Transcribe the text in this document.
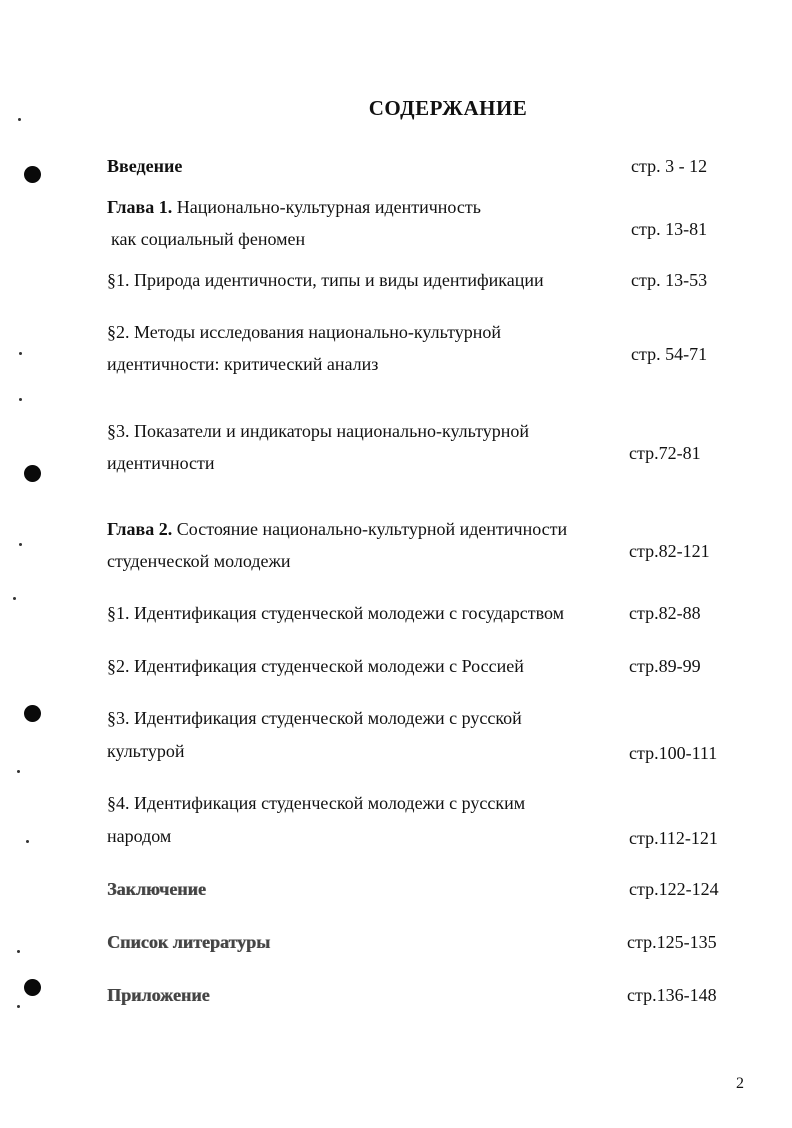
СОДЕРЖАНИЕ
Введение	стр. 3 - 12
Глава 1. Национально-культурная идентичность
как социальный феномен	стр. 13-81
§1. Природа идентичности, типы и виды идентификации	стр. 13-53
§2. Методы исследования национально-культурной
идентичности: критический анализ	стр. 54-71
§3. Показатели и индикаторы национально-культурной
идентичности	стр.72-81
Глава 2. Состояние национально-культурной идентичности
студенческой молодежи	стр.82-121
§1. Идентификация студенческой молодежи с государством	стр.82-88
§2. Идентификация студенческой молодежи с Россией	стр.89-99
§3. Идентификация студенческой молодежи с русской
культурой	стр.100-111
§4. Идентификация студенческой молодежи с русским
народом	стр.112-121
Заключение	стр.122-124
Список литературы	стр.125-135
Приложение	стр.136-148
2
